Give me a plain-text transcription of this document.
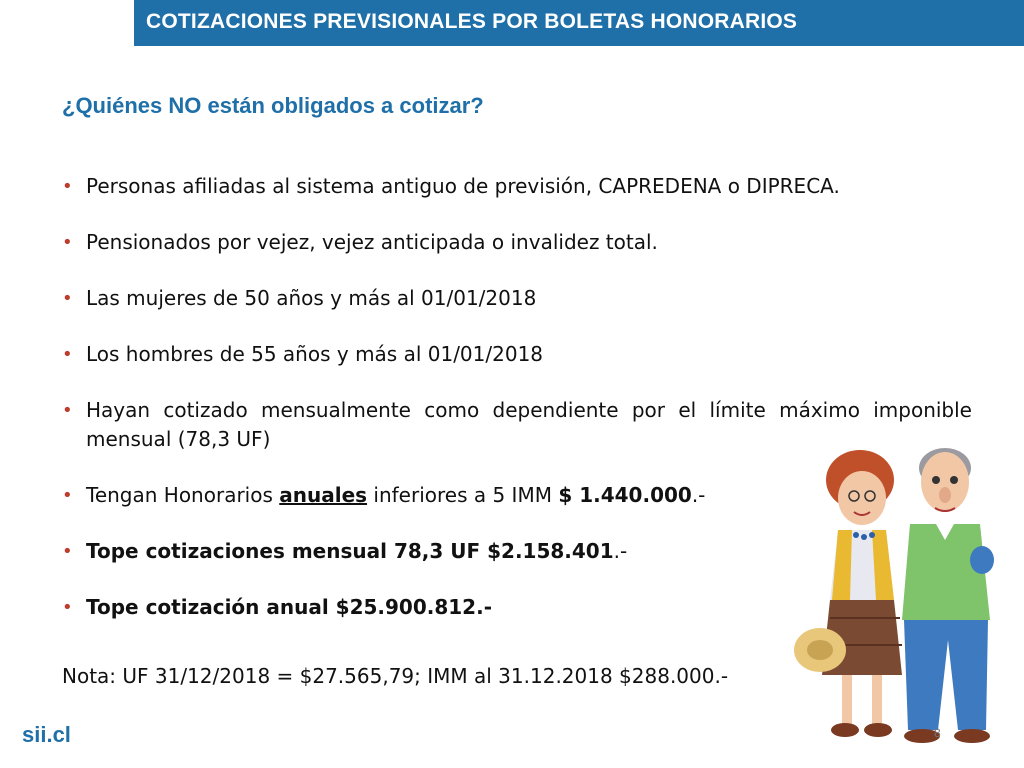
COTIZACIONES PREVISIONALES POR BOLETAS HONORARIOS
¿Quiénes NO están obligados a cotizar?
• Personas afiliadas al sistema antiguo de previsión, CAPREDENA o DIPRECA.
• Pensionados por vejez, vejez anticipada o invalidez total.
• Las mujeres de 50 años y más al 01/01/2018
• Los hombres de 55 años y más al 01/01/2018
• Hayan cotizado mensualmente como dependiente por el límite máximo imponible mensual (78,3 UF)
• Tengan Honorarios anuales inferiores a 5 IMM $ 1.440.000.-
• Tope cotizaciones mensual 78,3 UF $2.158.401.-
• Tope cotización anual $25.900.812.-
Nota: UF 31/12/2018 = $27.565,79; IMM al 31.12.2018 $288.000.-
sii.cl	8
